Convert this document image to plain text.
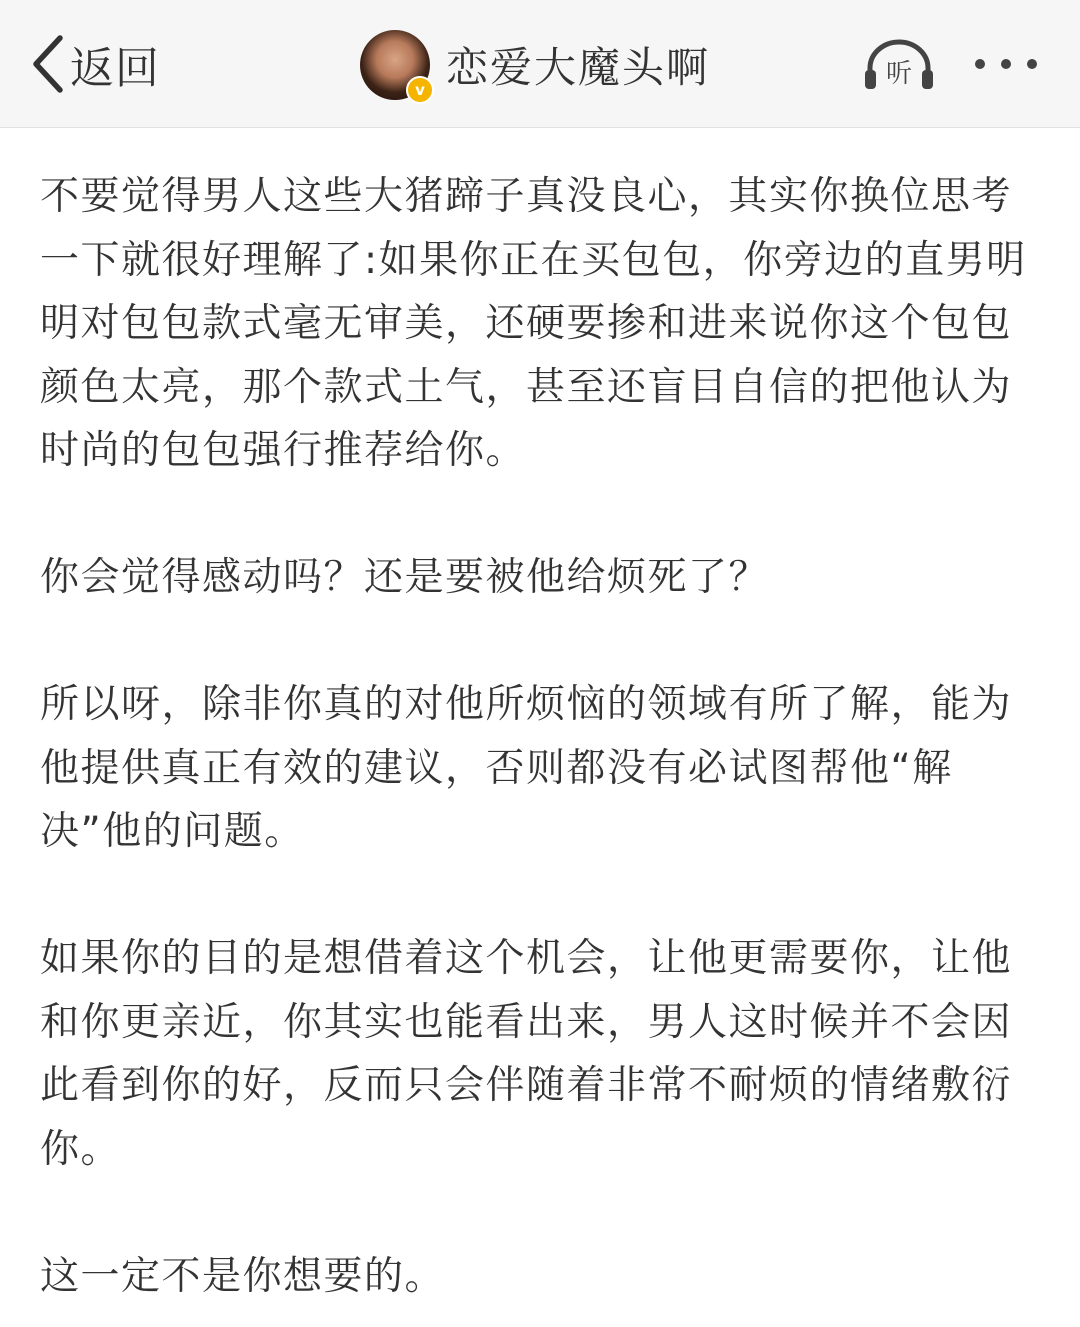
返回	v 恋爱大魔头啊	听

不要觉得男人这些大猪蹄子真没良心，其实你换位思考一下就很好理解了:如果你正在买包包，你旁边的直男明明对包包款式毫无审美，还硬要掺和进来说你这个包包颜色太亮，那个款式土气，甚至还盲目自信的把他认为时尚的包包强行推荐给你。

你会觉得感动吗？还是要被他给烦死了？

所以呀，除非你真的对他所烦恼的领域有所了解，能为他提供真正有效的建议，否则都没有必试图帮他“解决”他的问题。

如果你的目的是想借着这个机会，让他更需要你，让他和你更亲近，你其实也能看出来，男人这时候并不会因此看到你的好，反而只会伴随着非常不耐烦的情绪敷衍你。

这一定不是你想要的。
